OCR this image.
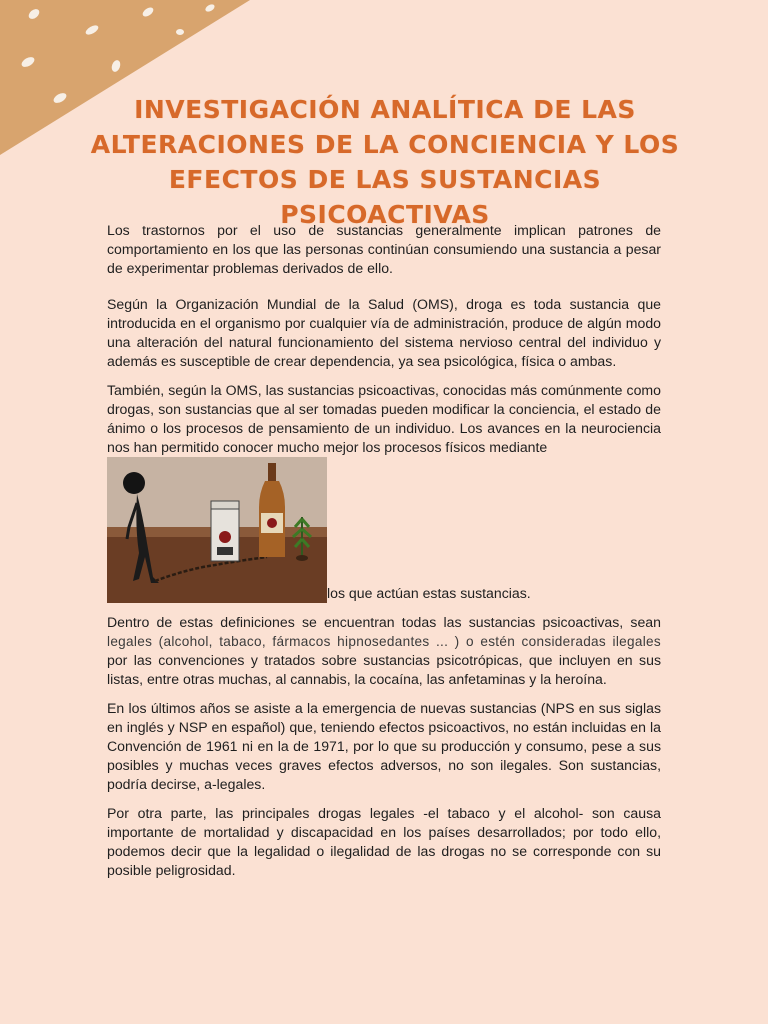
INVESTIGACIÓN ANALÍTICA DE LAS ALTERACIONES DE LA CONCIENCIA Y LOS EFECTOS DE LAS SUSTANCIAS PSICOACTIVAS

Los trastornos por el uso de sustancias generalmente implican patrones de comportamiento en los que las personas continúan consumiendo una sustancia a pesar de experimentar problemas derivados de ello.

Según la Organización Mundial de la Salud (OMS), droga es toda sustancia que introducida en el organismo por cualquier vía de administración, produce de algún modo una alteración del natural funcionamiento del sistema nervioso central del individuo y además es susceptible de crear dependencia, ya sea psicológica, física o ambas.

También, según la OMS, las sustancias psicoactivas, conocidas más comúnmente como drogas, son sustancias que al ser tomadas pueden modificar la conciencia, el estado de ánimo o los procesos de pensamiento de un individuo. Los avances en la neurociencia nos han permitido conocer mucho mejor los procesos físicos mediante

los que actúan estas sustancias.

Dentro de estas definiciones se encuentran todas las sustancias psicoactivas, sean legales (alcohol, tabaco, fármacos hipnosedantes ... ) o estén consideradas ilegales por las convenciones y tratados sobre sustancias psicotrópicas, que incluyen en sus listas, entre otras muchas, al cannabis, la cocaína, las anfetaminas y la heroína.

En los últimos años se asiste a la emergencia de nuevas sustancias (NPS en sus siglas en inglés y NSP en español) que, teniendo efectos psicoactivos, no están incluidas en la Convención de 1961 ni en la de 1971, por lo que su producción y consumo, pese a sus posibles y muchas veces graves efectos adversos, no son ilegales. Son sustancias, podría decirse, a-legales.

Por otra parte, las principales drogas legales -el tabaco y el alcohol- son causa importante de mortalidad y discapacidad en los países desarrollados; por todo ello, podemos decir que la legalidad o ilegalidad de las drogas no se corresponde con su posible peligrosidad.
